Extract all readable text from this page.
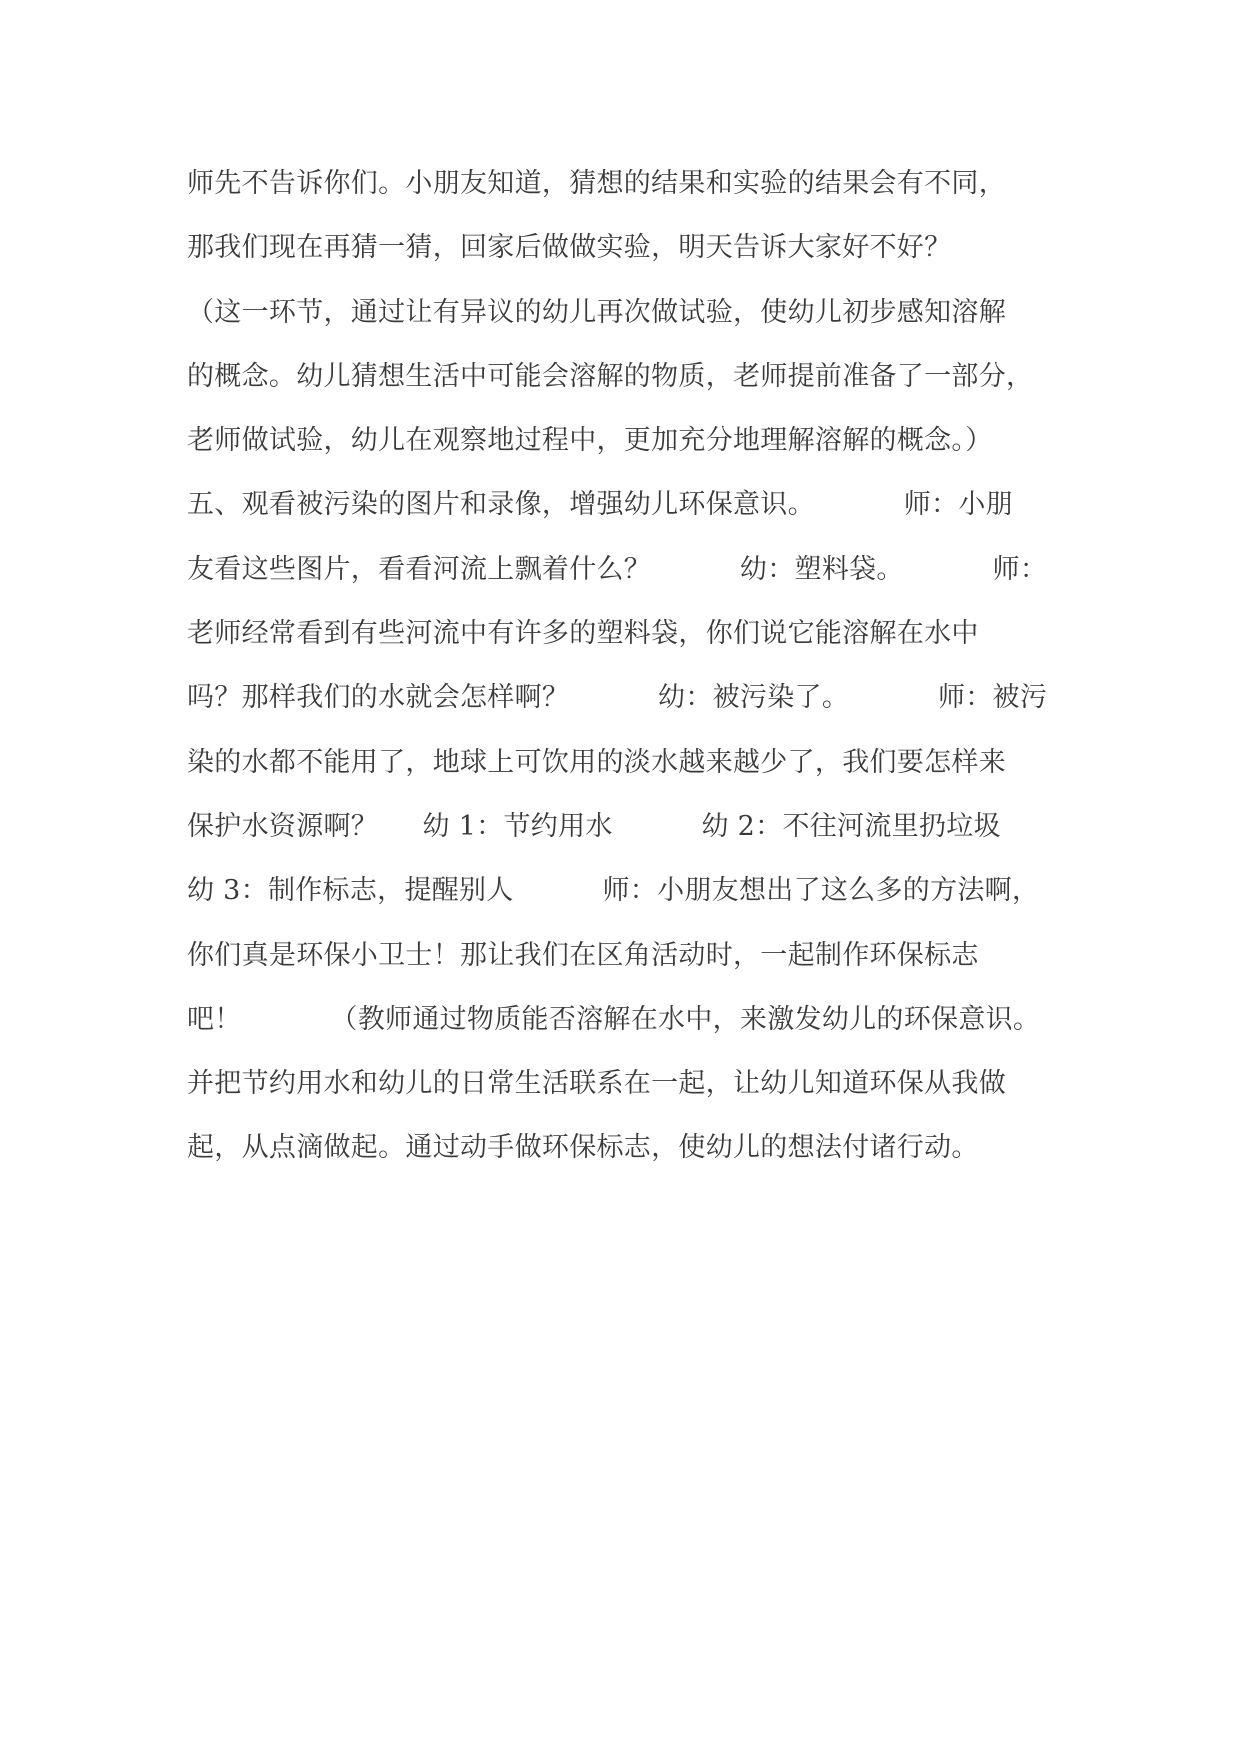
师先不告诉你们。小朋友知道，猜想的结果和实验的结果会有不同，
那我们现在再猜一猜，回家后做做实验，明天告诉大家好不好？
（这一环节，通过让有异议的幼儿再次做试验，使幼儿初步感知溶解
的概念。幼儿猜想生活中可能会溶解的物质，老师提前准备了一部分，
老师做试验，幼儿在观察地过程中，更加充分地理解溶解的概念。）
五、观看被污染的图片和录像，增强幼儿环保意识。          师：小朋
友看这些图片，看看河流上飘着什么？          幼：塑料袋。          师：
老师经常看到有些河流中有许多的塑料袋，你们说它能溶解在水中
吗？那样我们的水就会怎样啊？          幼：被污染了。          师：被污
染的水都不能用了，地球上可饮用的淡水越来越少了，我们要怎样来
保护水资源啊？     幼 1：节约用水          幼 2：不往河流里扔垃圾
幼 3：制作标志，提醒别人          师：小朋友想出了这么多的方法啊，
你们真是环保小卫士！那让我们在区角活动时，一起制作环保标志
吧！          （教师通过物质能否溶解在水中，来激发幼儿的环保意识。
并把节约用水和幼儿的日常生活联系在一起，让幼儿知道环保从我做
起，从点滴做起。通过动手做环保标志，使幼儿的想法付诸行动。
